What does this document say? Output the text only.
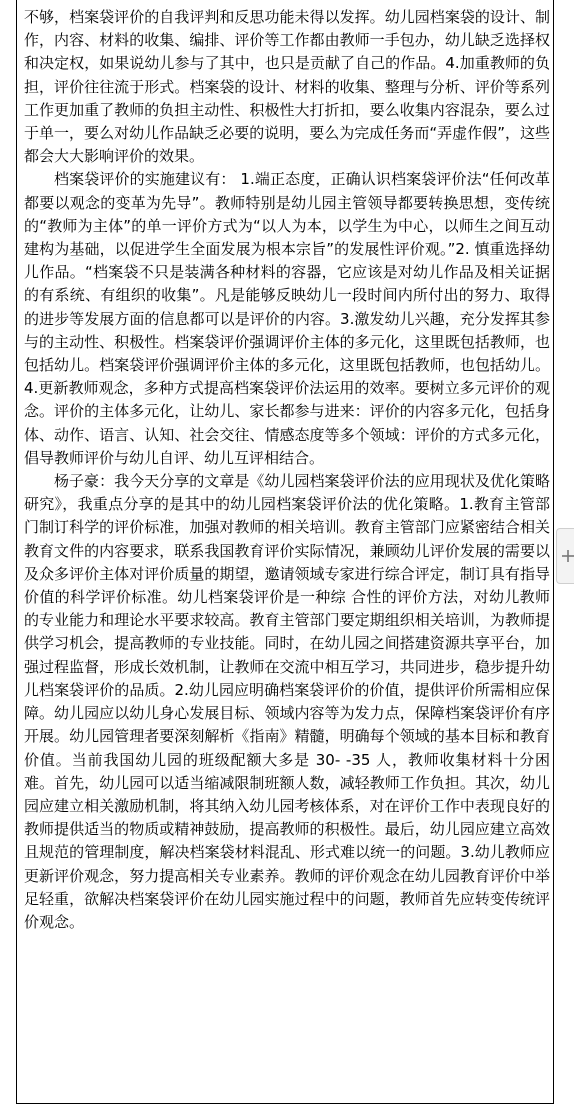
不够，档案袋评价的自我评判和反思功能未得以发挥。幼儿园档案袋的设计、制作，内容、材料的收集、编排、评价等工作都由教师一手包办，幼儿缺乏选择权和决定权，如果说幼儿参与了其中，也只是贡献了自己的作品。4.加重教师的负担，评价往往流于形式。档案袋的设计、材料的收集、整理与分析、评价等系列工作更加重了教师的负担主动性、积极性大打折扣，要么收集内容混杂，要么过于单一，要么对幼儿作品缺乏必要的说明，要么为完成任务而“弄虚作假”，这些都会大大影响评价的效果。

档案袋评价的实施建议有： 1.端正态度，正确认识档案袋评价法“任何改革都要以观念的变革为先导”。教师特别是幼儿园主管领导都要转换思想，变传统的“教师为主体”的单一评价方式为“以人为本，以学生为中心，以师生之间互动建构为基础，以促进学生全面发展为根本宗旨”的发展性评价观。”2. 慎重选择幼儿作品。“档案袋不只是装满各种材料的容器，它应该是对幼儿作品及相关证据的有系统、有组织的收集”。凡是能够反映幼儿一段时间内所付出的努力、取得的进步等发展方面的信息都可以是评价的内容。3.激发幼儿兴趣，充分发挥其参与的主动性、积极性。档案袋评价强调评价主体的多元化，这里既包括教师，也包括幼儿。档案袋评价强调评价主体的多元化，这里既包括教师，也包括幼儿。4.更新教师观念，多种方式提高档案袋评价法运用的效率。要树立多元评价的观念。评价的主体多元化，让幼儿、家长都参与进来：评价的内容多元化，包括身体、动作、语言、认知、社会交往、情感态度等多个领域：评价的方式多元化，倡导教师评价与幼儿自评、幼儿互评相结合。

杨子豪：我今天分享的文章是《幼儿园档案袋评价法的应用现状及优化策略研究》，我重点分享的是其中的幼儿园档案袋评价法的优化策略。1.教育主管部门制订科学的评价标准，加强对教师的相关培训。教育主管部门应紧密结合相关教育文件的内容要求，联系我国教育评价实际情况，兼顾幼儿评价发展的需要以及众多评价主体对评价质量的期望，邀请领域专家进行综合评定，制订具有指导价值的科学评价标准。幼儿档案袋评价是一种综 合性的评价方法，对幼儿教师的专业能力和理论水平要求较高。教育主管部门要定期组织相关培训，为教师提供学习机会，提高教师的专业技能。同时，在幼儿园之间搭建资源共享平台，加强过程监督，形成长效机制，让教师在交流中相互学习，共同进步，稳步提升幼儿档案袋评价的品质。2.幼儿园应明确档案袋评价的价值，提供评价所需相应保障。幼儿园应以幼儿身心发展目标、领域内容等为发力点，保障档案袋评价有序开展。幼儿园管理者要深刻解析《指南》精髓，明确每个领域的基本目标和教育价值。当前我国幼儿园的班级配额大多是 30- -35 人，教师收集材料十分困难。首先，幼儿园可以适当缩减限制班额人数，减轻教师工作负担。其次，幼儿园应建立相关激励机制，将其纳入幼儿园考核体系，对在评价工作中表现良好的教师提供适当的物质或精神鼓励，提高教师的积极性。最后，幼儿园应建立高效且规范的管理制度，解决档案袋材料混乱、形式难以统一的问题。3.幼儿教师应更新评价观念，努力提高相关专业素养。教师的评价观念在幼儿园教育评价中举足轻重，欲解决档案袋评价在幼儿园实施过程中的问题，教师首先应转变传统评价观念。
